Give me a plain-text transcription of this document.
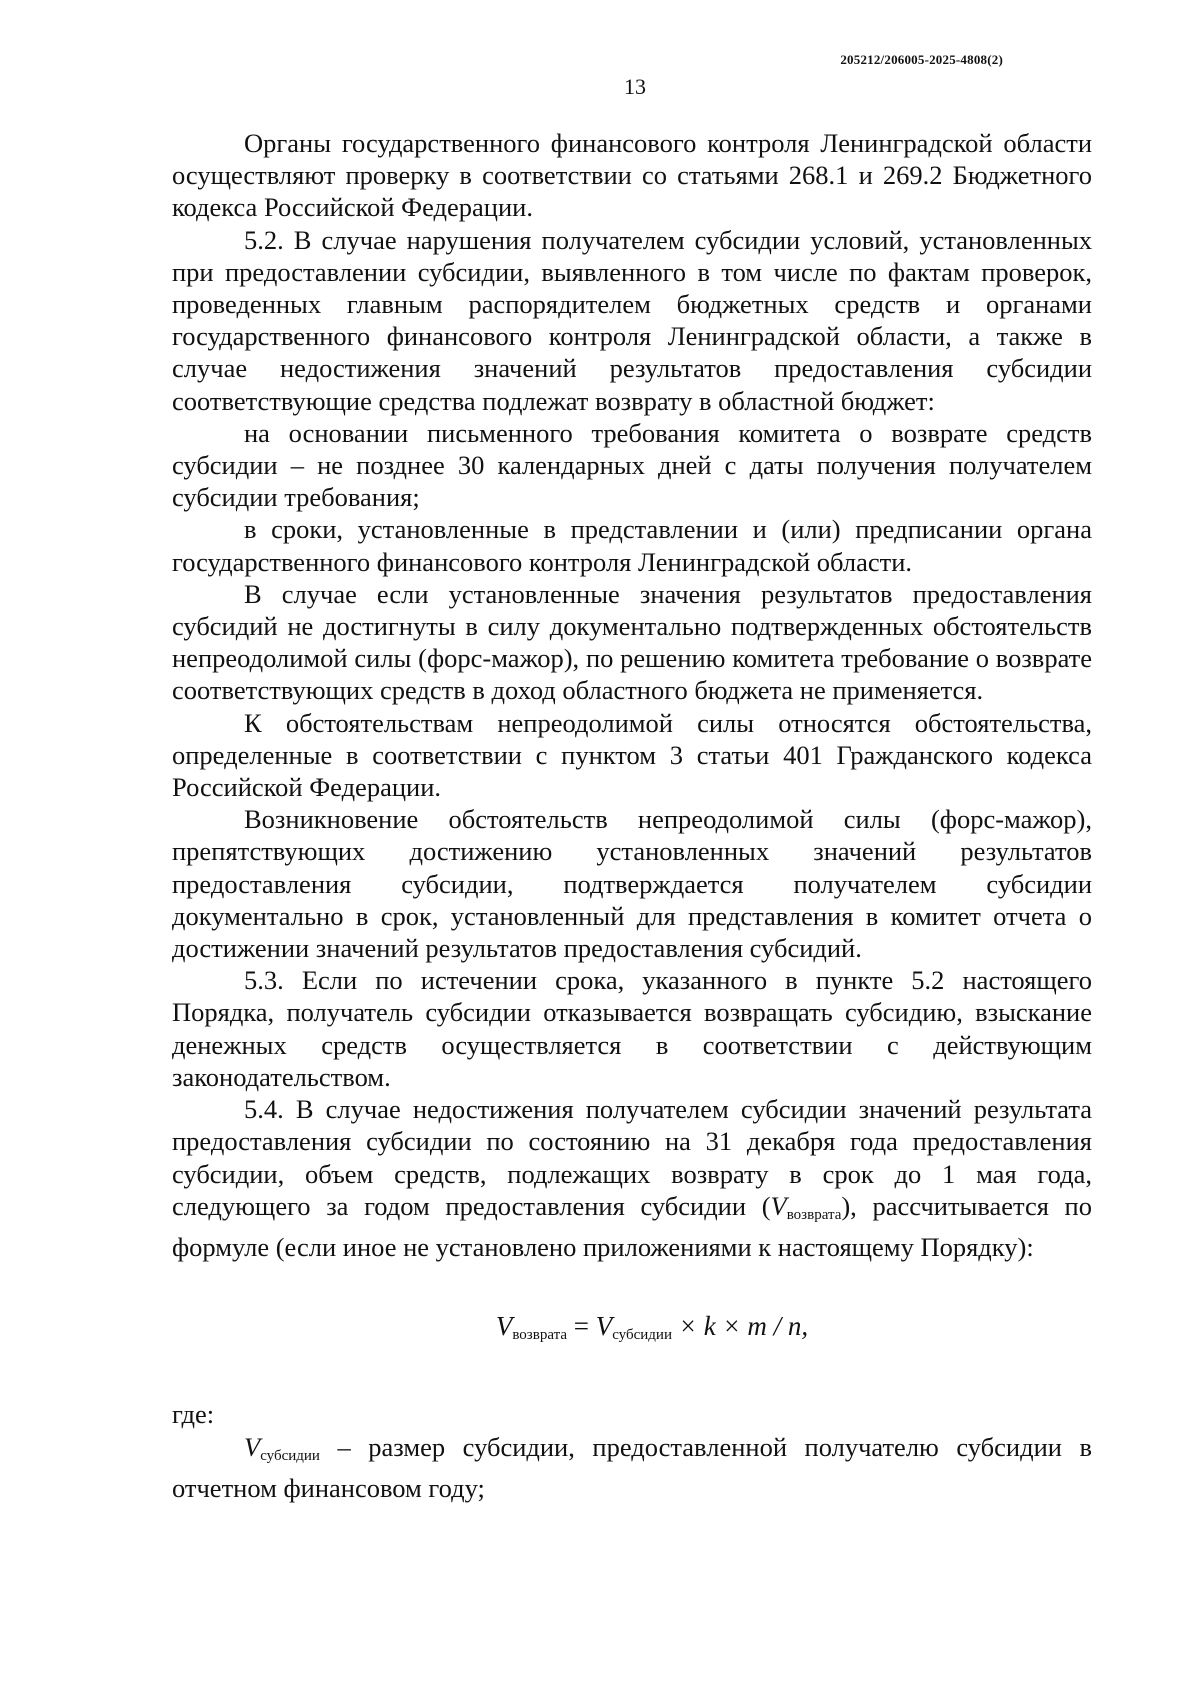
205212/206005-2025-4808(2)
13

Органы государственного финансового контроля Ленинградской области осуществляют проверку в соответствии со статьями 268.1 и 269.2 Бюджетного кодекса Российской Федерации.

5.2. В случае нарушения получателем субсидии условий, установленных при предоставлении субсидии, выявленного в том числе по фактам проверок, проведенных главным распорядителем бюджетных средств и органами государственного финансового контроля Ленинградской области, а также в случае недостижения значений результатов предоставления субсидии соответствующие средства подлежат возврату в областной бюджет:

на основании письменного требования комитета о возврате средств субсидии – не позднее 30 календарных дней с даты получения получателем субсидии требования;

в сроки, установленные в представлении и (или) предписании органа государственного финансового контроля Ленинградской области.

В случае если установленные значения результатов предоставления субсидий не достигнуты в силу документально подтвержденных обстоятельств непреодолимой силы (форс-мажор), по решению комитета требование о возврате соответствующих средств в доход областного бюджета не применяется.

К обстоятельствам непреодолимой силы относятся обстоятельства, определенные в соответствии с пунктом 3 статьи 401 Гражданского кодекса Российской Федерации.

Возникновение обстоятельств непреодолимой силы (форс-мажор), препятствующих достижению установленных значений результатов предоставления субсидии, подтверждается получателем субсидии документально в срок, установленный для представления в комитет отчета о достижении значений результатов предоставления субсидий.

5.3. Если по истечении срока, указанного в пункте 5.2 настоящего Порядка, получатель субсидии отказывается возвращать субсидию, взыскание денежных средств осуществляется в соответствии с действующим законодательством.

5.4. В случае недостижения получателем субсидии значений результата предоставления субсидии по состоянию на 31 декабря года предоставления субсидии, объем средств, подлежащих возврату в срок до 1 мая года, следующего за годом предоставления субсидии $(V_{возврата})$, рассчитывается по формуле (если иное не установлено приложениями к настоящему Порядку):

$V_{возврата} = V_{субсидии} \times k \times m / n$,

где:

$V_{субсидии}$ – размер субсидии, предоставленной получателю субсидии в отчетном финансовом году;
